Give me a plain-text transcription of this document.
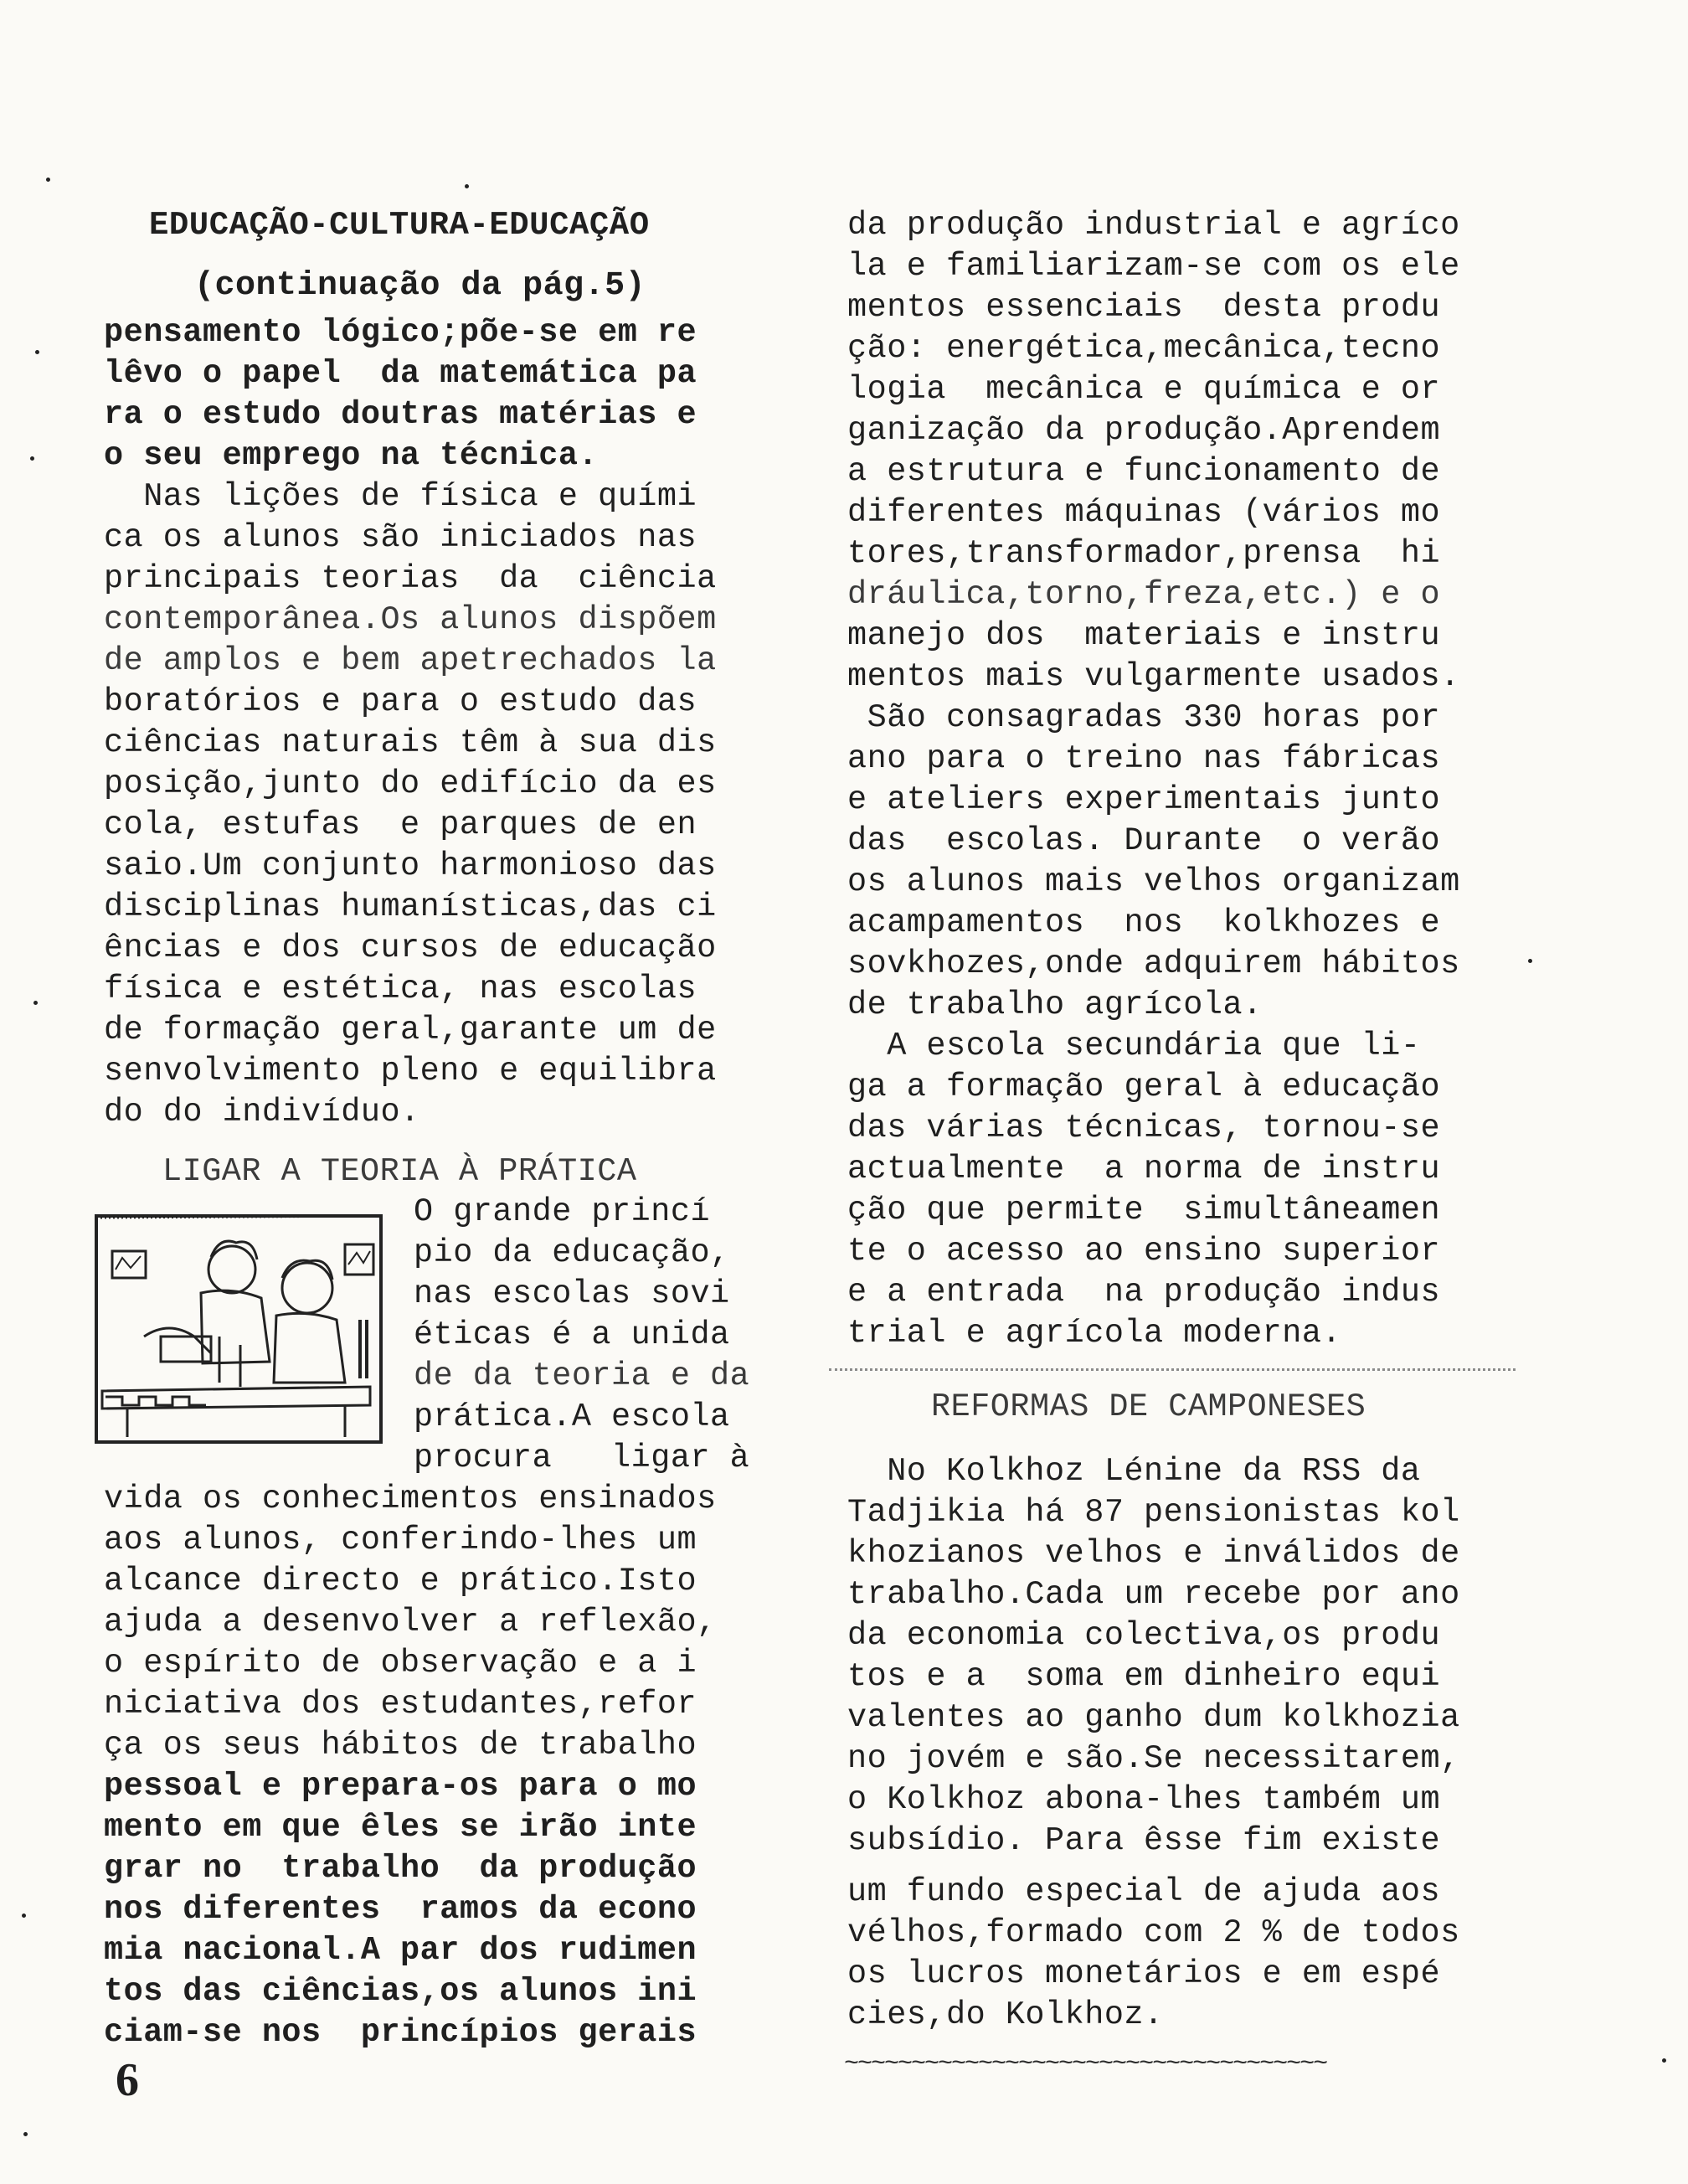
EDUCAÇÃO-CULTURA-EDUCAÇÃO
(continuação da pág.5)
pensamento lógico;põe-se em re
lêvo o papel  da matemática pa
ra o estudo doutras matérias e
o seu emprego na técnica.
Nas lições de física e quími
ca os alunos são iniciados nas
principais teorias  da  ciência
contemporânea.Os alunos dispõem
de amplos e bem apetrechados la
boratórios e para o estudo das
ciências naturais têm à sua dis
posição,junto do edifício da es
cola, estufas  e parques de en
saio.Um conjunto harmonioso das
disciplinas humanísticas,das ci
ências e dos cursos de educação
física e estética, nas escolas
de formação geral,garante um de
senvolvimento pleno e equilibra
do do indivíduo.
LIGAR A TEORIA À PRÁTICA
O grande princí
pio da educação,
nas escolas sovi
éticas é a unida
de da teoria e da
prática.A escola
procura   ligar à
vida os conhecimentos ensinados
aos alunos, conferindo-lhes um
alcance directo e prático.Isto
ajuda a desenvolver a reflexão,
o espírito de observação e a i
niciativa dos estudantes,refor
ça os seus hábitos de trabalho
pessoal e prepara-os para o mo
mento em que êles se irão inte
grar no  trabalho  da produção
nos diferentes  ramos da econo
mia nacional.A par dos rudimen
tos das ciências,os alunos ini
ciam-se nos  princípios gerais
6
da produção industrial e agríco
la e familiarizam-se com os ele
mentos essenciais  desta produ
ção: energética,mecânica,tecno
logia  mecânica e química e or
ganização da produção.Aprendem
a estrutura e funcionamento de
diferentes máquinas (vários mo
tores,transformador,prensa  hi
dráulica,torno,freza,etc.) e o
manejo dos  materiais e instru
mentos mais vulgarmente usados.
São consagradas 330 horas por
ano para o treino nas fábricas
e ateliers experimentais junto
das  escolas. Durante  o verão
os alunos mais velhos organizam
acampamentos  nos  kolkhozes e
sovkhozes,onde adquirem hábitos
de trabalho agrícola.
A escola secundária que li-
ga a formação geral à educação
das várias técnicas, tornou-se
actualmente  a norma de instru
ção que permite  simultâneamen
te o acesso ao ensino superior
e a entrada  na produção indus
trial e agrícola moderna.
REFORMAS DE CAMPONESES
No Kolkhoz Lénine da RSS da
Tadjikia há 87 pensionistas kol
khozianos velhos e inválidos de
trabalho.Cada um recebe por ano
da economia colectiva,os produ
tos e a  soma em dinheiro equi
valentes ao ganho dum kolkhozia
no jovém e são.Se necessitarem,
o Kolkhoz abona-lhes também um
subsídio. Para êsse fim existe
um fundo especial de ajuda aos
vélhos,formado com 2 % de todos
os lucros monetários e em espé
cies,do Kolkhoz.
~~~~~~~~~~~~~~~~~~~~~~~~~~~~~~~~~~~~
